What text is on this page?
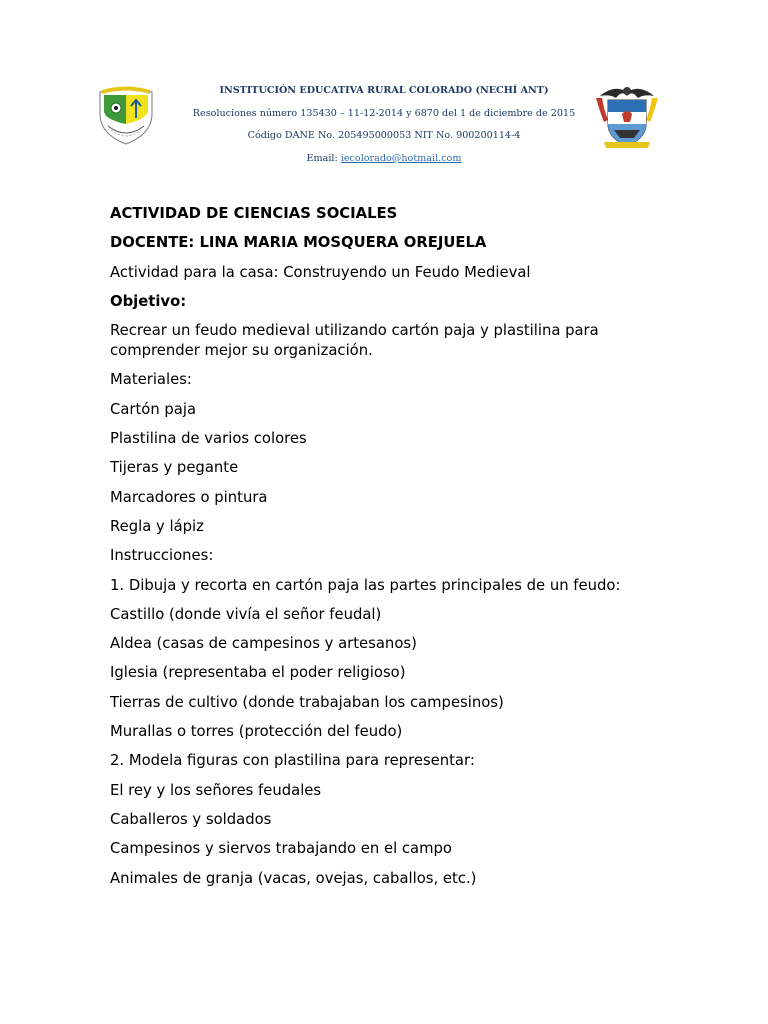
INSTITUCIÓN EDUCATIVA RURAL COLORADO (NECHÍ ANT)
Resoluciones número 135430 – 11-12-2014 y 6870 del 1 de diciembre de 2015
Código DANE No. 205495000053 NIT No. 900200114-4
Email: iecolorado@hotmail.com

ACTIVIDAD DE CIENCIAS SOCIALES

DOCENTE: LINA MARIA MOSQUERA OREJUELA

Actividad para la casa: Construyendo un Feudo Medieval

Objetivo:

Recrear un feudo medieval utilizando cartón paja y plastilina para comprender mejor su organización.

Materiales:

Cartón paja

Plastilina de varios colores

Tijeras y pegante

Marcadores o pintura

Regla y lápiz

Instrucciones:

1. Dibuja y recorta en cartón paja las partes principales de un feudo:

Castillo (donde vivía el señor feudal)

Aldea (casas de campesinos y artesanos)

Iglesia (representaba el poder religioso)

Tierras de cultivo (donde trabajaban los campesinos)

Murallas o torres (protección del feudo)

2. Modela figuras con plastilina para representar:

El rey y los señores feudales

Caballeros y soldados

Campesinos y siervos trabajando en el campo

Animales de granja (vacas, ovejas, caballos, etc.)
